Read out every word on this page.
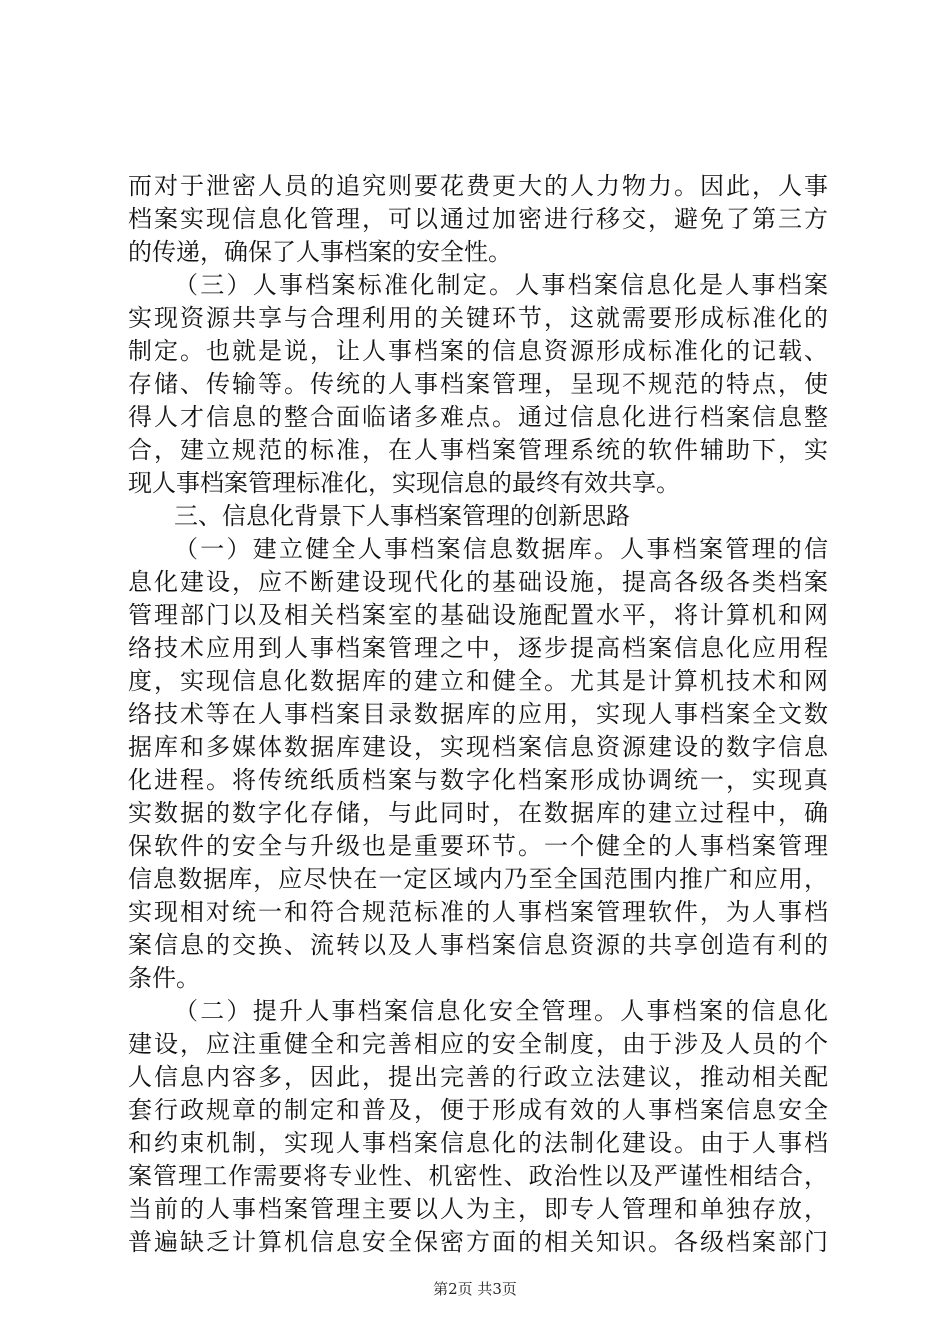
而对于泄密人员的追究则要花费更大的人力物力。因此，人事
档案实现信息化管理，可以通过加密进行移交，避免了第三方
的传递，确保了人事档案的安全性。
（三）人事档案标准化制定。人事档案信息化是人事档案
实现资源共享与合理利用的关键环节，这就需要形成标准化的
制定。也就是说，让人事档案的信息资源形成标准化的记载、
存储、传输等。传统的人事档案管理，呈现不规范的特点，使
得人才信息的整合面临诸多难点。通过信息化进行档案信息整
合，建立规范的标准，在人事档案管理系统的软件辅助下，实
现人事档案管理标准化，实现信息的最终有效共享。
三、信息化背景下人事档案管理的创新思路
（一）建立健全人事档案信息数据库。人事档案管理的信
息化建设，应不断建设现代化的基础设施，提高各级各类档案
管理部门以及相关档案室的基础设施配置水平，将计算机和网
络技术应用到人事档案管理之中，逐步提高档案信息化应用程
度，实现信息化数据库的建立和健全。尤其是计算机技术和网
络技术等在人事档案目录数据库的应用，实现人事档案全文数
据库和多媒体数据库建设，实现档案信息资源建设的数字信息
化进程。将传统纸质档案与数字化档案形成协调统一，实现真
实数据的数字化存储，与此同时，在数据库的建立过程中，确
保软件的安全与升级也是重要环节。一个健全的人事档案管理
信息数据库，应尽快在一定区域内乃至全国范围内推广和应用，
实现相对统一和符合规范标准的人事档案管理软件，为人事档
案信息的交换、流转以及人事档案信息资源的共享创造有利的
条件。
（二）提升人事档案信息化安全管理。人事档案的信息化
建设，应注重健全和完善相应的安全制度，由于涉及人员的个
人信息内容多，因此，提出完善的行政立法建议，推动相关配
套行政规章的制定和普及，便于形成有效的人事档案信息安全
和约束机制，实现人事档案信息化的法制化建设。由于人事档
案管理工作需要将专业性、机密性、政治性以及严谨性相结合，
当前的人事档案管理主要以人为主，即专人管理和单独存放，
普遍缺乏计算机信息安全保密方面的相关知识。各级档案部门
第2页 共3页
